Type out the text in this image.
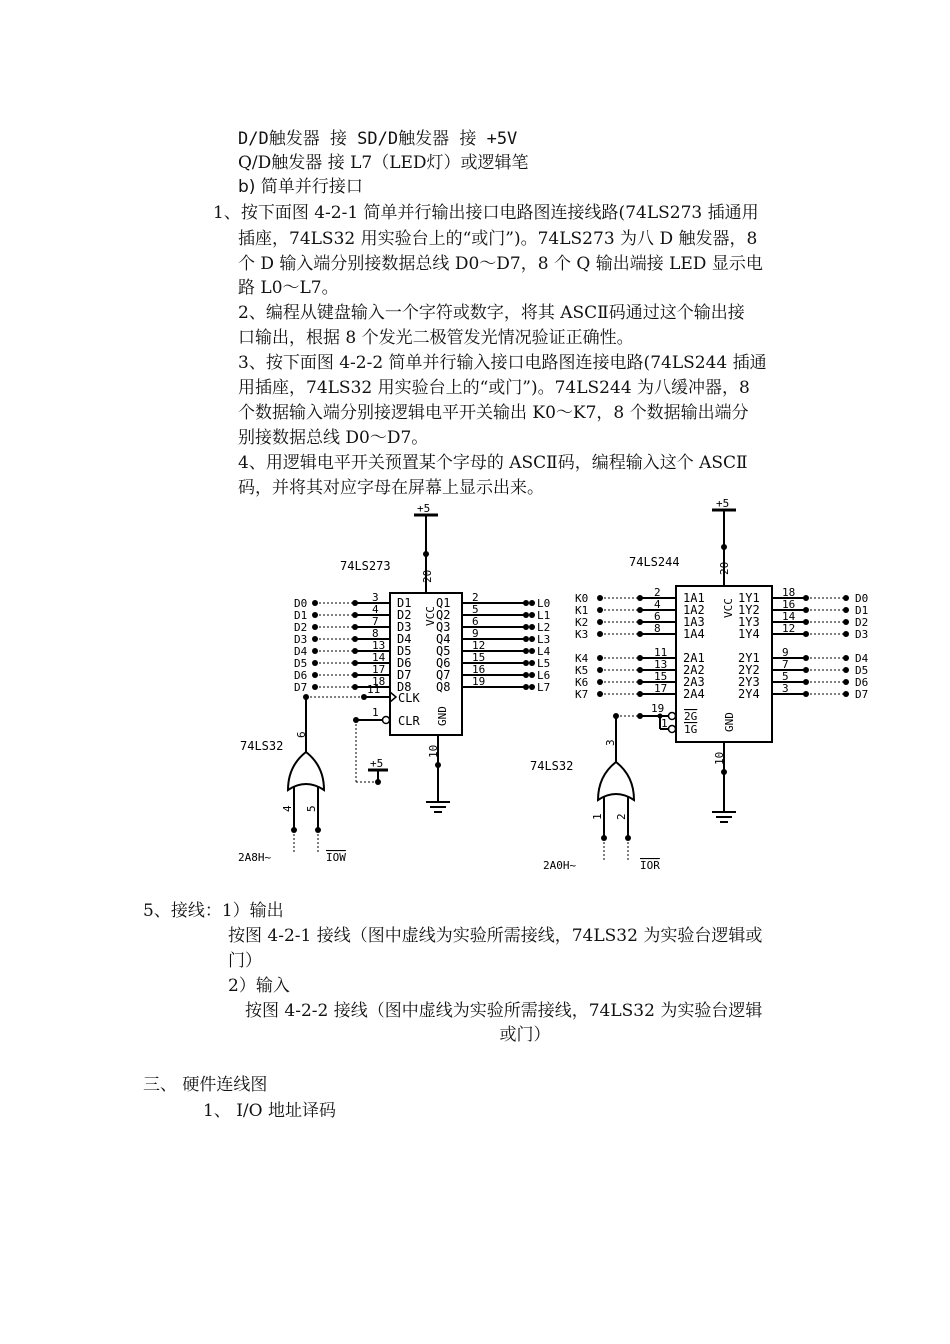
D/D触发器 接 SD/D触发器 接 +5V
Q/D触发器 接 L7（LED灯）或逻辑笔
b) 简单并行接口
1、按下面图 4-2-1 简单并行输出接口电路图连接线路(74LS273 插通用
插座，74LS32 用实验台上的“或门”)。74LS273 为八 D 触发器，8
个 D 输入端分别接数据总线 D0～D7，8 个 Q 输出端接 LED 显示电
路 L0～L7。
2、编程从键盘输入一个字符或数字，将其 ASCⅡ码通过这个输出接
口输出，根据 8 个发光二极管发光情况验证正确性。
3、按下面图 4-2-2 简单并行输入接口电路图连接电路(74LS244 插通
用插座，74LS32 用实验台上的“或门”)。74LS244 为八缓冲器，8
个数据输入端分别接逻辑电平开关输出 K0～K7，8 个数据输出端分
别接数据总线 D0～D7。
4、用逻辑电平开关预置某个字母的 ASCⅡ码，编程输入这个 ASCⅡ
码，并将其对应字母在屏幕上显示出来。
74LS273
+5
20
VCC
10
GND
CLK
11
CLR
1
+5
74LS32
6
4 5
2A8H~	IOW
D0	3 D1 Q1 2	L0
D1	4 D2 Q2 5	L1
D2	7 D3 Q3 6	L2
D3	8 D4 Q4 9	L3
D4	13 D5 Q5 12	L4
D5	14 D6 Q6 15	L5
D6	17 D7 Q7 16	L6
D7	18 D8 Q8 19	L7
74LS244
+5
20
VCC
10
GND
2G
1G
19
1
3
74LS32
1 2
2A0H~	IOR
K0	2 1A1	1Y1 18	D0
K1	4 1A2	1Y2 16	D1
K2	6 1A3	1Y3 14	D2
K3	8 1A4	1Y4 12	D3
K4	11 2A1	2Y1 9	D4
K5	13 2A2	2Y2 7	D5
K6	15 2A3	2Y3 5	D6
K7	17 2A4	2Y4 3	D7
5、接线：1）输出
按图 4-2-1 接线（图中虚线为实验所需接线，74LS32 为实验台逻辑或
门）
2）输入
按图 4-2-2 接线（图中虚线为实验所需接线，74LS32 为实验台逻辑
或门）
三、 硬件连线图
1、 I/O 地址译码
